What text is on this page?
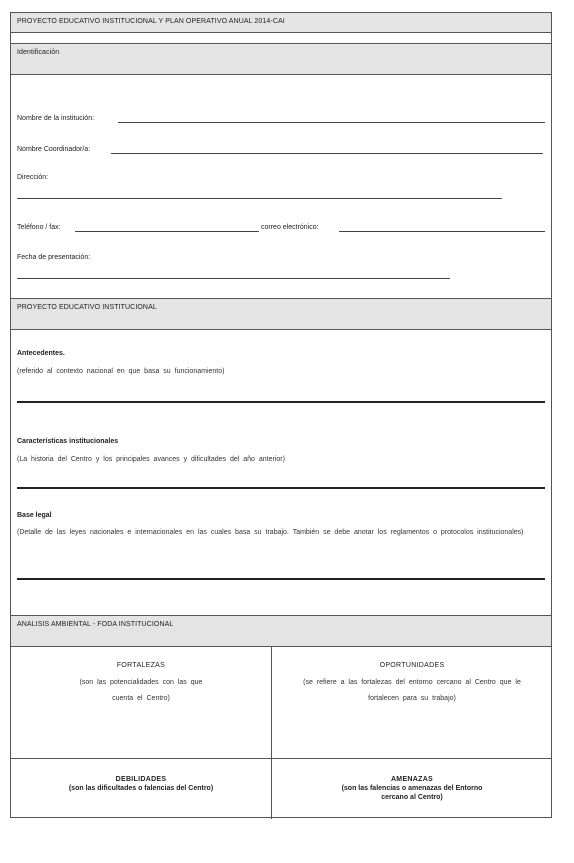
PROYECTO EDUCATIVO INSTITUCIONAL Y PLAN OPERATIVO ANUAL 2014-CAI
Identificación
Nombre de la institución:
Nombre Coordinador/a:
Dirección:
Teléfono / fax:	correo electrónico:
Fecha de presentación:
PROYECTO EDUCATIVO INSTITUCIONAL
Antecedentes.
(referido al contexto nacional en que basa su funcionamiento)
Características institucionales
(La historia del Centro y los principales avances y dificultades del año anterior)
Base legal
(Detalle de las leyes nacionales e internacionales en las cuales basa su trabajo. También se debe anotar los reglamentos o protocolos institucionales)
ANALISIS AMBIENTAL - FODA INSTITUCIONAL
FORTALEZAS
(son las potencialidades con las que cuenta el Centro)
OPORTUNIDADES
(se refiere a las fortalezas del entorno cercano al Centro que le fortalecen para su trabajo)
DEBILIDADES
(son las dificultades o falencias del Centro)
AMENAZAS
(son las falencias o amenazas del Entorno cercano al Centro)
